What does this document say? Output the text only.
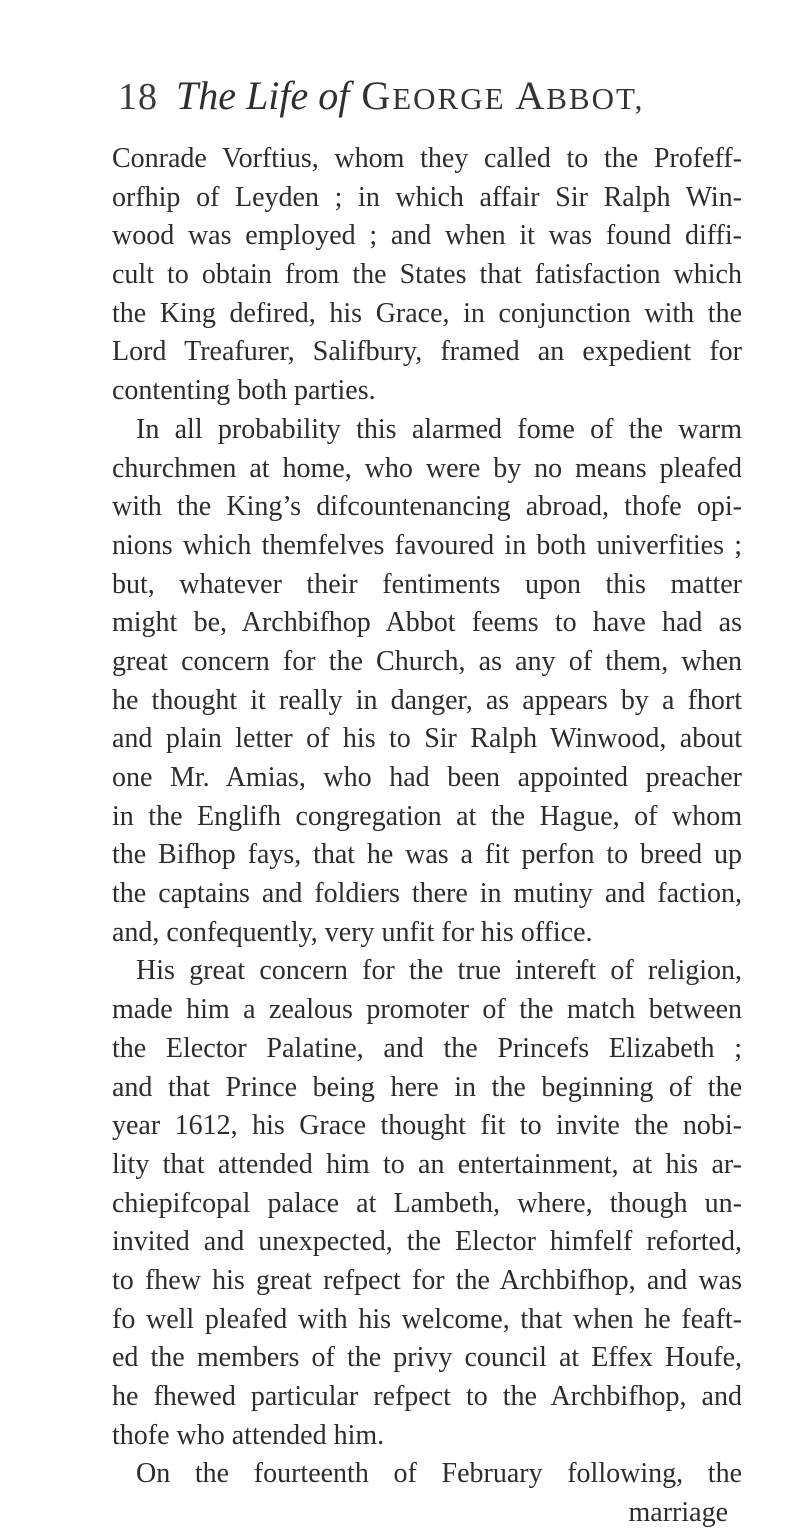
18 The Life of GEORGE ABBOT,
Conrade Vorftius, whom they called to the Profeff-
orfhip of Leyden ; in which affair Sir Ralph Win-
wood was employed ; and when it was found diffi-
cult to obtain from the States that fatisfaction which
the King defired, his Grace, in conjunction with the
Lord Treafurer, Salifbury, framed an expedient for
contenting both parties.
In all probability this alarmed fome of the warm
churchmen at home, who were by no means pleafed
with the King’s difcountenancing abroad, thofe opi-
nions which themfelves favoured in both univerfities ;
but, whatever their fentiments upon this matter
might be, Archbifhop Abbot feems to have had as
great concern for the Church, as any of them, when
he thought it really in danger, as appears by a fhort
and plain letter of his to Sir Ralph Winwood, about
one Mr. Amias, who had been appointed preacher
in the Englifh congregation at the Hague, of whom
the Bifhop fays, that he was a fit perfon to breed up
the captains and foldiers there in mutiny and faction,
and, confequently, very unfit for his office.
His great concern for the true intereft of religion,
made him a zealous promoter of the match between
the Elector Palatine, and the Princefs Elizabeth ;
and that Prince being here in the beginning of the
year 1612, his Grace thought fit to invite the nobi-
lity that attended him to an entertainment, at his ar-
chiepifcopal palace at Lambeth, where, though un-
invited and unexpected, the Elector himfelf reforted,
to fhew his great refpect for the Archbifhop, and was
fo well pleafed with his welcome, that when he feaft-
ed the members of the privy council at Effex Houfe,
he fhewed particular refpect to the Archbifhop, and
thofe who attended him.
On the fourteenth of February following, the
marriage
